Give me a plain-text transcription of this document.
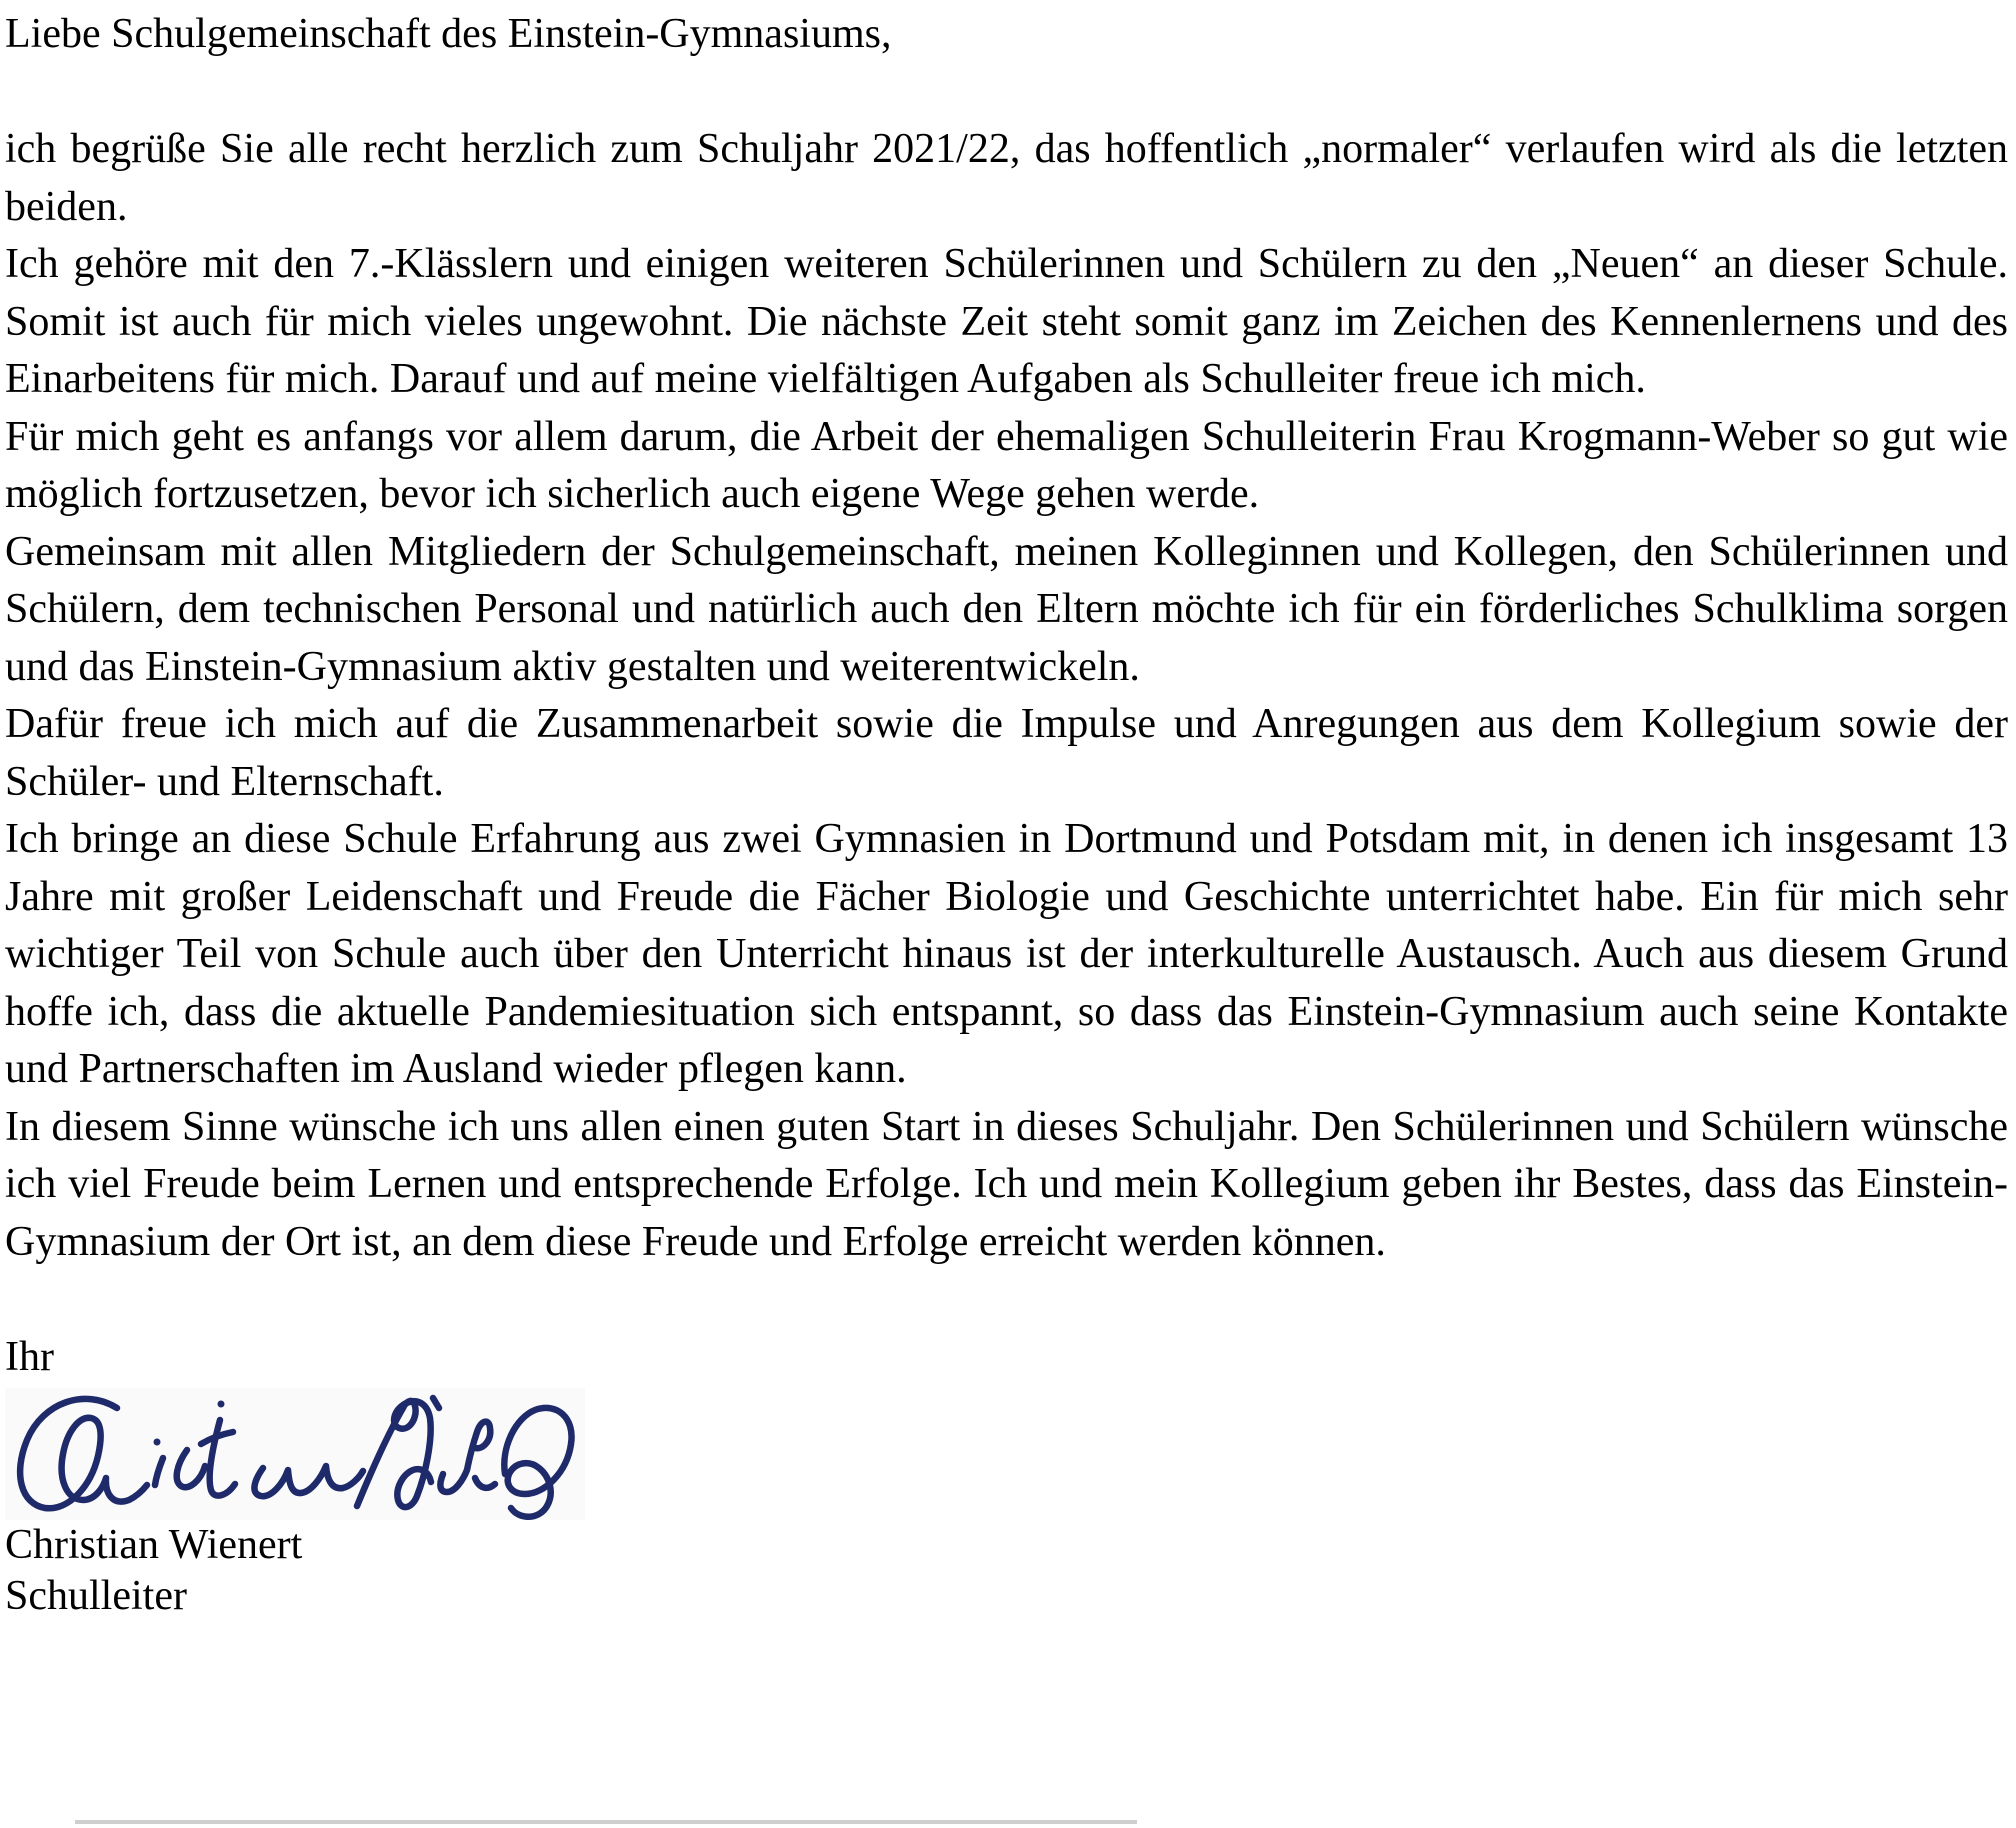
Liebe Schulgemeinschaft des Einstein-Gymnasiums,

ich begrüße Sie alle recht herzlich zum Schuljahr 2021/22, das hoffentlich „normaler“ verlaufen wird als die letzten beiden.

Ich gehöre mit den 7.-Klässlern und einigen weiteren Schülerinnen und Schülern zu den „Neuen“ an dieser Schule. Somit ist auch für mich vieles ungewohnt. Die nächste Zeit steht somit ganz im Zeichen des Kennenlernens und des Einarbeitens für mich. Darauf und auf meine vielfältigen Aufgaben als Schulleiter freue ich mich.

Für mich geht es anfangs vor allem darum, die Arbeit der ehemaligen Schulleiterin Frau Krogmann-Weber so gut wie möglich fortzusetzen, bevor ich sicherlich auch eigene Wege gehen werde.

Gemeinsam mit allen Mitgliedern der Schulgemeinschaft, meinen Kolleginnen und Kollegen, den Schülerinnen und Schülern, dem technischen Personal und natürlich auch den Eltern möchte ich für ein förderliches Schulklima sorgen und das Einstein-Gymnasium aktiv gestalten und weiterentwickeln.

Dafür freue ich mich auf die Zusammenarbeit sowie die Impulse und Anregungen aus dem Kollegium sowie der Schüler- und Elternschaft.

Ich bringe an diese Schule Erfahrung aus zwei Gymnasien in Dortmund und Potsdam mit, in denen ich insgesamt 13 Jahre mit großer Leidenschaft und Freude die Fächer Biologie und Geschichte unterrichtet habe. Ein für mich sehr wichtiger Teil von Schule auch über den Unterricht hinaus ist der interkulturelle Austausch. Auch aus diesem Grund hoffe ich, dass die aktuelle Pandemiesituation sich entspannt, so dass das Einstein-Gymnasium auch seine Kontakte und Partnerschaften im Ausland wieder pflegen kann.

In diesem Sinne wünsche ich uns allen einen guten Start in dieses Schuljahr. Den Schülerinnen und Schülern wünsche ich viel Freude beim Lernen und entsprechende Erfolge. Ich und mein Kollegium geben ihr Bestes, dass das Einstein-Gymnasium der Ort ist, an dem diese Freude und Erfolge erreicht werden können.

Ihr

Christian Wienert

Schulleiter
